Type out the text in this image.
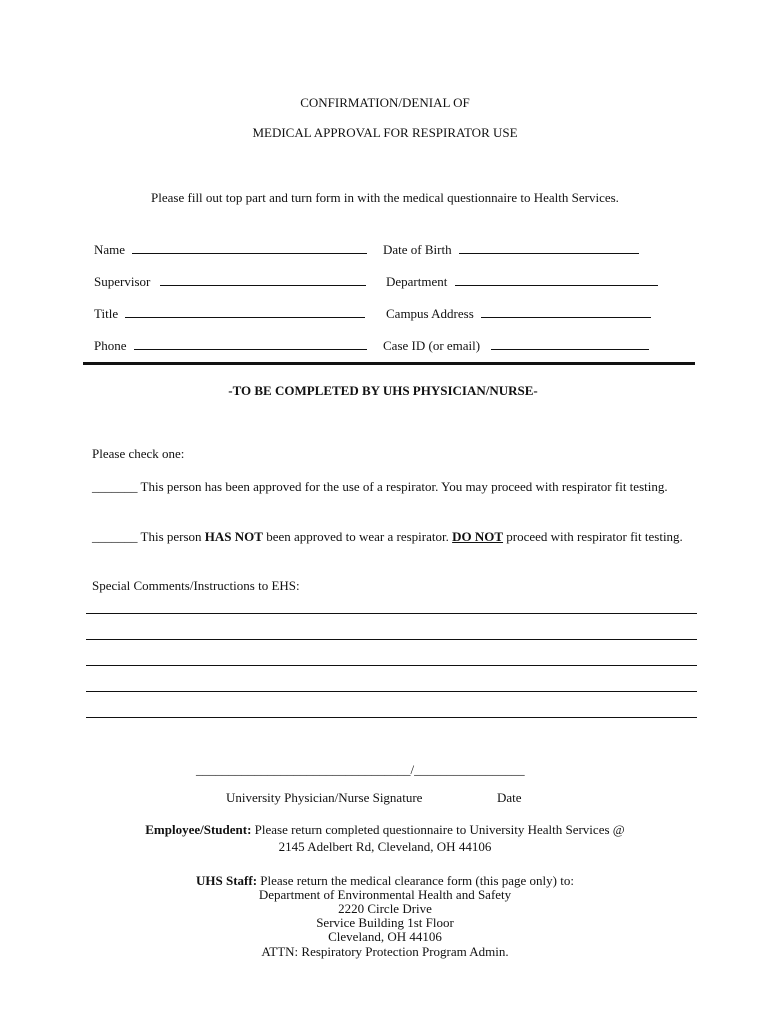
CONFIRMATION/DENIAL OF
MEDICAL APPROVAL FOR RESPIRATOR USE
Please fill out top part and turn form in with the medical questionnaire to Health Services.
Name	Date of Birth
Supervisor	Department
Title	Campus Address
Phone	Case ID (or email)
-TO BE COMPLETED BY UHS PHYSICIAN/NURSE-
Please check one:
_______ This person has been approved for the use of a respirator. You may proceed with respirator fit testing.
_______ This person HAS NOT been approved to wear a respirator. DO NOT proceed with respirator fit testing.
Special Comments/Instructions to EHS:
_________________________________/_________________
University Physician/Nurse Signature	Date
Employee/Student: Please return completed questionnaire to University Health Services @
2145 Adelbert Rd, Cleveland, OH 44106
UHS Staff: Please return the medical clearance form (this page only) to:
Department of Environmental Health and Safety
2220 Circle Drive
Service Building 1st Floor
Cleveland, OH 44106
ATTN: Respiratory Protection Program Admin.
